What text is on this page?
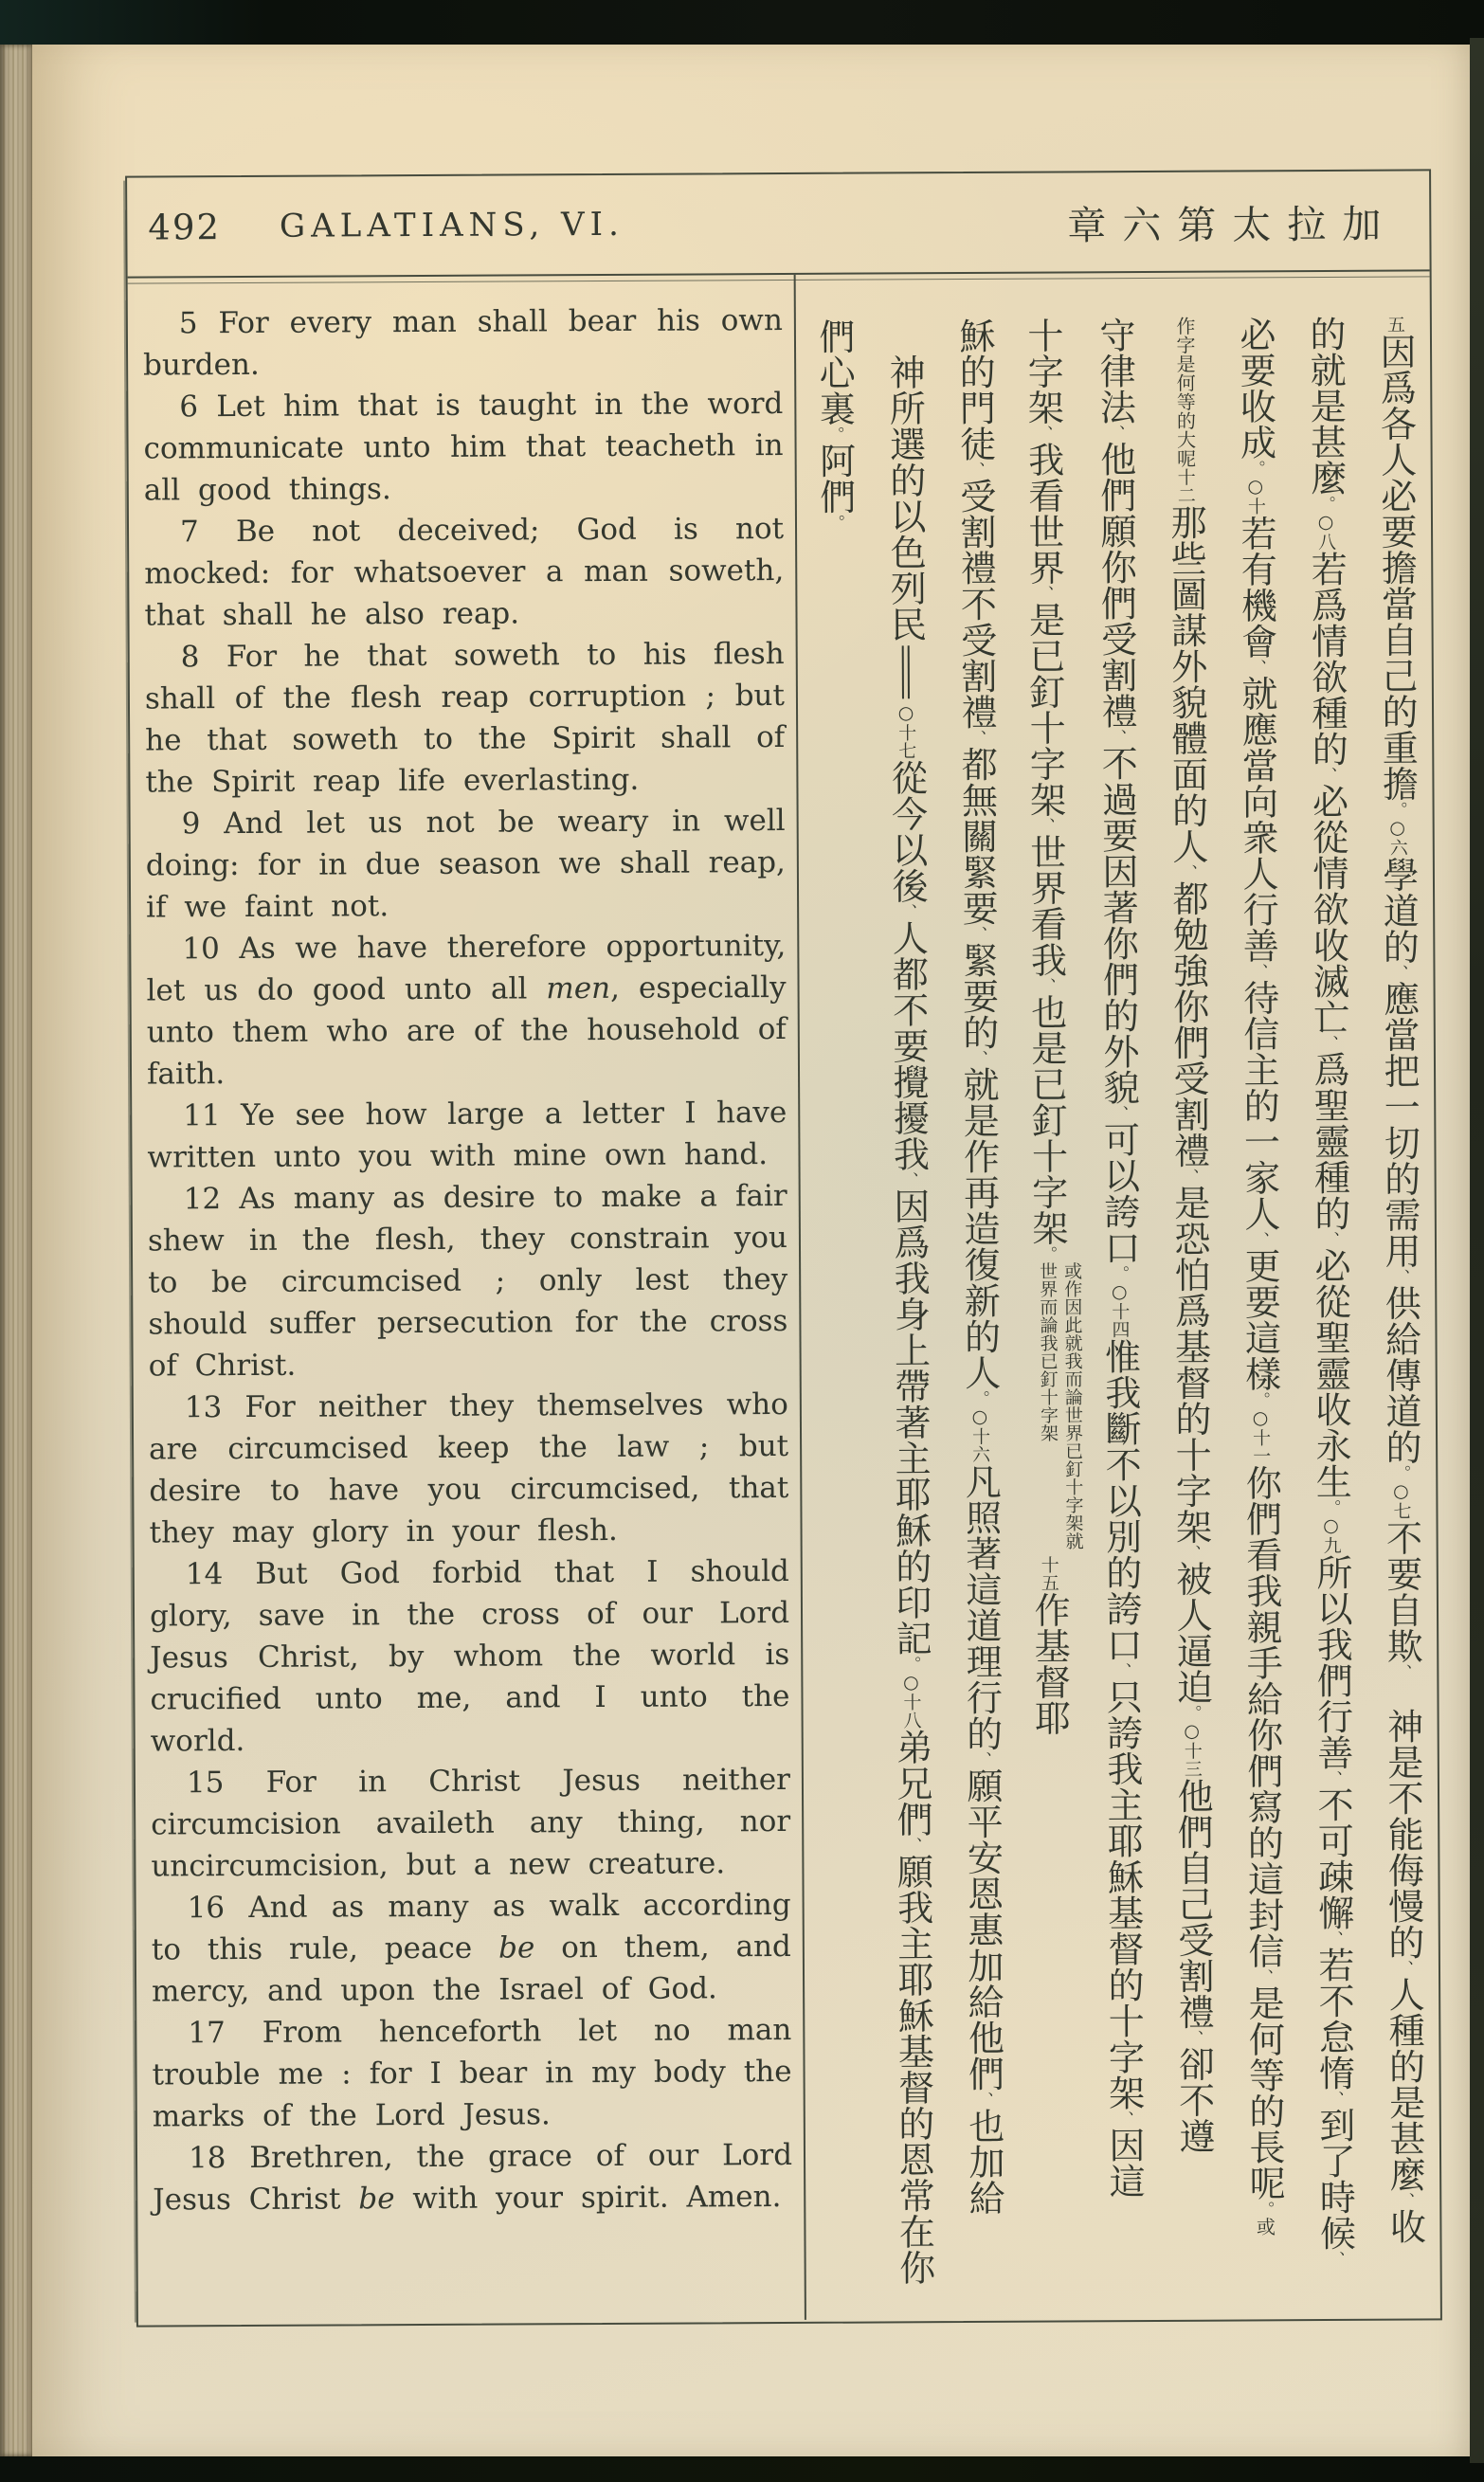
492 GALATIANS, VI.	章六第太拉加

5 For every man shall bear his own burden.

6 Let him that is taught in the word communicate unto him that teacheth in all good things.

7 Be not deceived; God is not mocked: for whatsoever a man soweth, that shall he also reap.

8 For he that soweth to his flesh shall of the flesh reap corruption ; but he that soweth to the Spirit shall of the Spirit reap life everlasting.

9 And let us not be weary in well doing: for in due season we shall reap, if we faint not.

10 As we have therefore opportunity, let us do good unto all men, especially unto them who are of the household of faith.

11 Ye see how large a letter I have written unto you with mine own hand.

12 As many as desire to make a fair shew in the flesh, they constrain you to be circumcised ; only lest they should suffer persecution for the cross of Christ.

13 For neither they themselves who are circumcised keep the law ; but desire to have you circumcised, that they may glory in your flesh.

14 But God forbid that I should glory, save in the cross of our Lord Jesus Christ, by whom the world is crucified unto me, and I unto the world.

15 For in Christ Jesus neither circumcision availeth any thing, nor uncircumcision, but a new creature.

16 And as many as walk according to this rule, peace be on them, and mercy, and upon the Israel of God.

17 From henceforth let no man trouble me : for I bear in my body the marks of the Lord Jesus.

18 Brethren, the grace of our Lord Jesus Christ be with your spirit. Amen.

五因爲各人必要擔當自己的重擔。○六學道的、應當把一切的需用、供給傳道的。○七不要自欺、　神是不能侮慢的、人種的是甚麼、收
的就是甚麼。○八若爲情欲種的、必從情欲收滅亡、爲聖靈種的、必從聖靈收永生。○九所以我們行善、不可疎懈、若不怠惰、到了時候、
必要收成。○十若有機會、就應當向衆人行善、待信主的一家人、更要這樣。○十一你們看我親手給你們寫的這封信、是何等的長呢。或
作字是何等的大呢十二那些圖謀外貌體面的人、都勉強你們受割禮、是恐怕爲基督的十字架、被人逼迫。○十三他們自己受割禮、卻不遵
守律法、他們願你們受割禮、不過要因著你們的外貌、可以誇口。○十四惟我斷不以別的誇口、只誇我主耶穌基督的十字架、因這
十字架、我看世界、是已釘十字架、世界看我、也是已釘十字架。或作因此就我而論世界已釘十字架就世界而論我已釘十字架十五作基督耶
穌的門徒、受割禮不受割禮、都無關緊要、緊要的、就是作再造復新的人。○十六凡照著這道理行的、願平安恩惠加給他們、也加給
　神所選的以色列民○十七從今以後、人都不要攪擾我、因爲我身上帶著主耶穌的印記。○十八弟兄們、願我主耶穌基督的恩常在你
們心裏。阿們。
